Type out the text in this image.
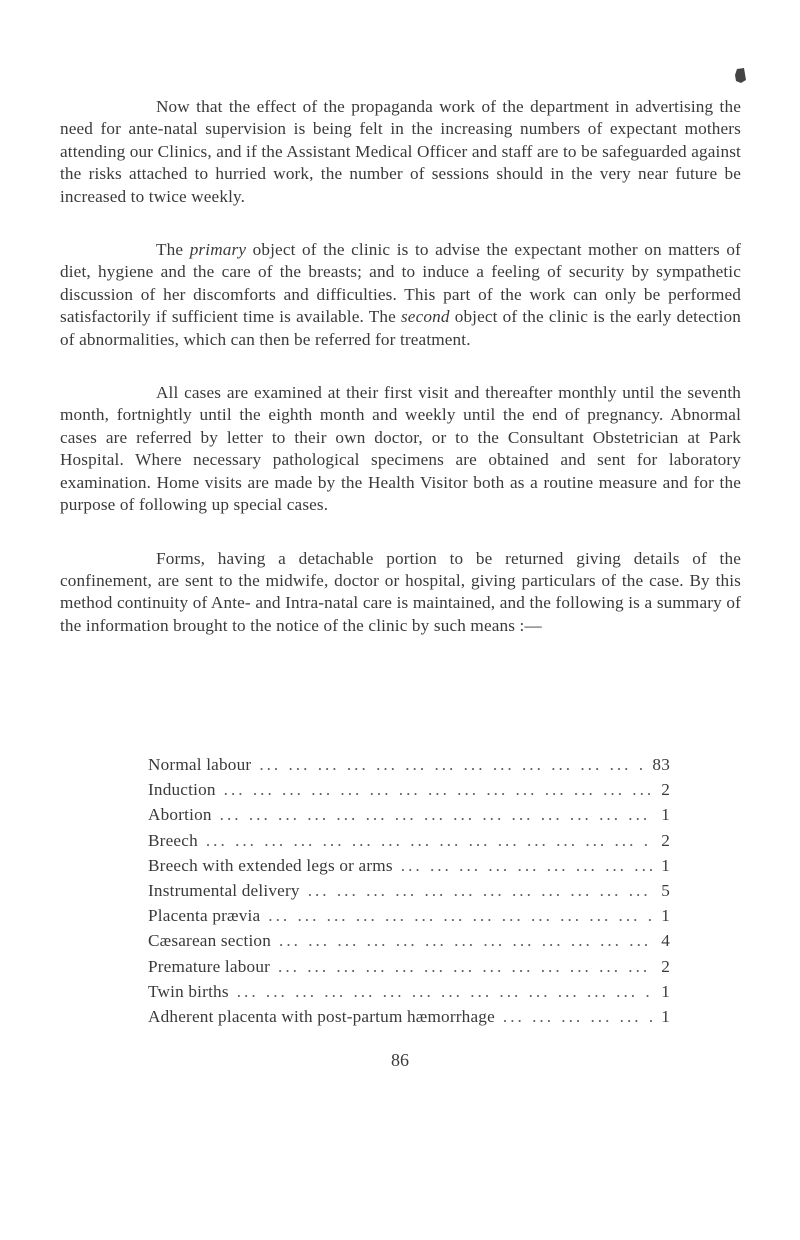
Now that the effect of the propaganda work of the department in advertising the need for ante-natal supervision is being felt in the increasing numbers of expectant mothers attending our Clinics, and if the Assistant Medical Officer and staff are to be safeguarded against the risks attached to hurried work, the number of sessions should in the very near future be increased to twice weekly.

The primary object of the clinic is to advise the expectant mother on matters of diet, hygiene and the care of the breasts; and to induce a feeling of security by sympathetic discussion of her discomforts and difficulties. This part of the work can only be performed satisfactorily if sufficient time is available. The second object of the clinic is the early detection of abnormalities, which can then be referred for treatment.

All cases are examined at their first visit and thereafter monthly until the seventh month, fortnightly until the eighth month and weekly until the end of pregnancy. Abnormal cases are referred by letter to their own doctor, or to the Consultant Obstetrician at Park Hospital. Where necessary pathological specimens are obtained and sent for laboratory examination. Home visits are made by the Health Visitor both as a routine measure and for the purpose of following up special cases.

Forms, having a detachable portion to be returned giving details of the confinement, are sent to the midwife, doctor or hospital, giving particulars of the case. By this method continuity of Ante- and Intra-natal care is maintained, and the following is a summary of the information brought to the notice of the clinic by such means :—

Normal labour ... .	83
Induction ... .	2
Abortion ... .	1
Breech ... .	2
Breech with extended legs or arms ... .	1
Instrumental delivery ... .	5
Placenta prævia ... .	1
Cæsarean section ... .	4
Premature labour ... .	2
Twin births ... .	1
Adherent placenta with post-partum hæmorrhage ... .	1
86
